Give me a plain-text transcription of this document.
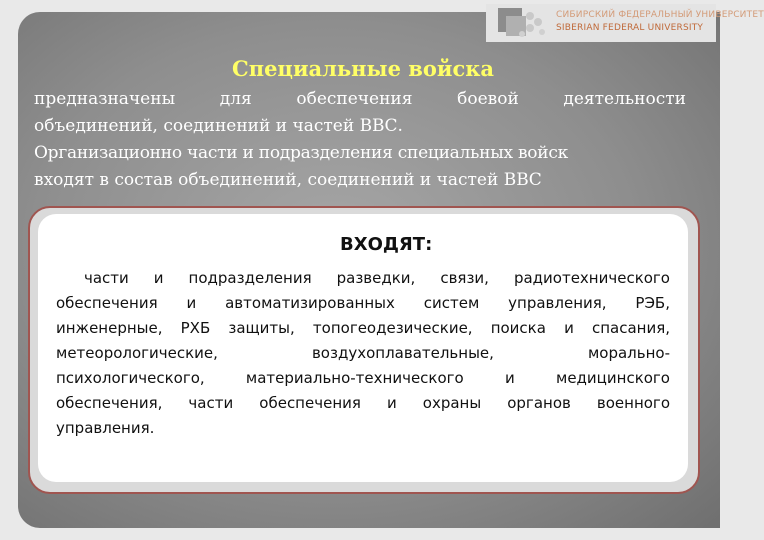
СИБИРСКИЙ ФЕДЕРАЛЬНЫЙ УНИВЕРСИТЕТ
SIBERIAN FEDERAL UNIVERSITY
Специальные войска
предназначены для обеспечения боевой деятельности
объединений, соединений и частей ВВС.
Организационно части и подразделения специальных войск
входят в состав объединений, соединений и частей ВВС
ВХОДЯТ:
части и подразделения разведки, связи, радиотехнического
обеспечения и автоматизированных систем управления, РЭБ,
инженерные, РХБ защиты, топогеодезические, поиска и спасания,
метеорологические, воздухоплавательные, морально-
психологического, материально-технического и медицинского
обеспечения, части обеспечения и охраны органов военного
управления.
